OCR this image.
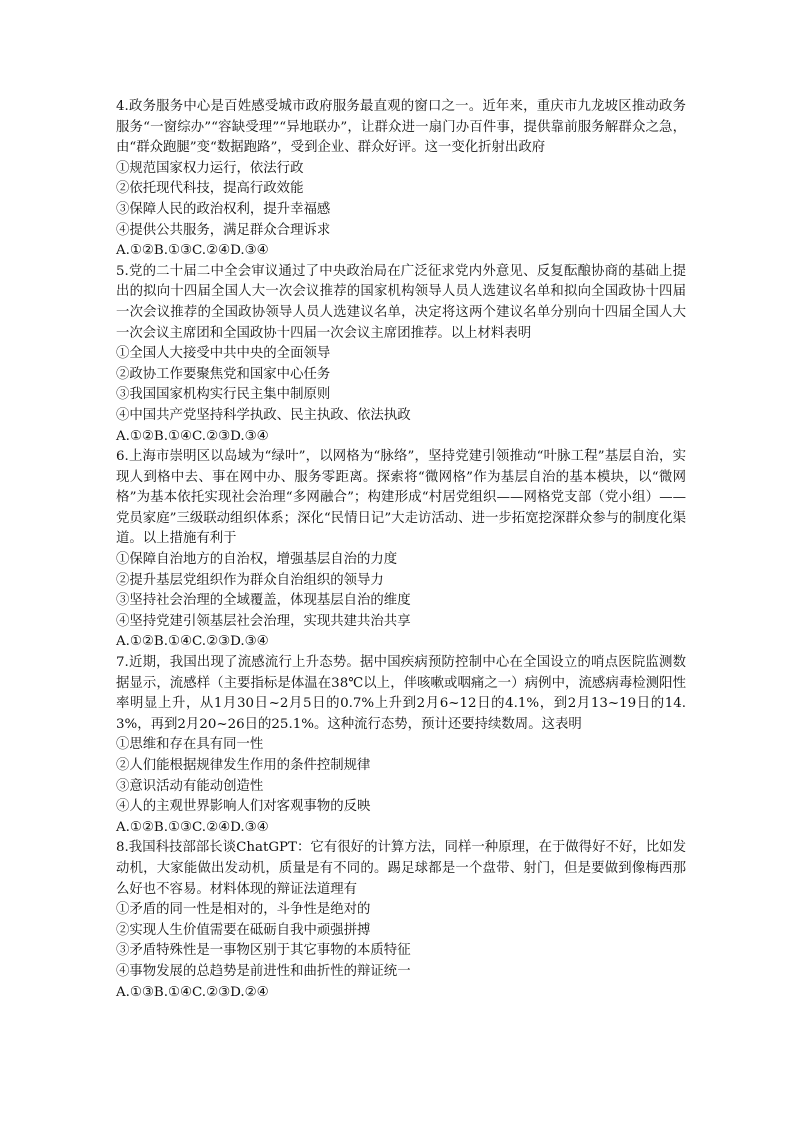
4.政务服务中心是百姓感受城市政府服务最直观的窗口之一。近年来，重庆市九龙坡区推动政务服务“一窗综办”“容缺受理”“异地联办”，让群众进一扇门办百件事，提供靠前服务解群众之急，由“群众跑腿”变“数据跑路”，受到企业、群众好评。这一变化折射出政府

①规范国家权力运行，依法行政

②依托现代科技，提高行政效能

③保障人民的政治权利，提升幸福感

④提供公共服务，满足群众合理诉求

A.①②B.①③C.②④D.③④

5.党的二十届二中全会审议通过了中央政治局在广泛征求党内外意见、反复酝酿协商的基础上提出的拟向十四届全国人大一次会议推荐的国家机构领导人员人选建议名单和拟向全国政协十四届一次会议推荐的全国政协领导人员人选建议名单，决定将这两个建议名单分别向十四届全国人大一次会议主席团和全国政协十四届一次会议主席团推荐。以上材料表明

①全国人大接受中共中央的全面领导

②政协工作要聚焦党和国家中心任务

③我国国家机构实行民主集中制原则

④中国共产党坚持科学执政、民主执政、依法执政

A.①②B.①④C.②③D.③④

6.上海市崇明区以岛域为“绿叶”，以网格为“脉络”，坚持党建引领推动“叶脉工程”基层自治，实现人到格中去、事在网中办、服务零距离。探索将“微网格”作为基层自治的基本模块，以“微网格”为基本依托实现社会治理“多网融合”；构建形成“村居党组织——网格党支部（党小组）——党员家庭”三级联动组织体系；深化“民情日记”大走访活动、进一步拓宽挖深群众参与的制度化渠道。以上措施有利于

①保障自治地方的自治权，增强基层自治的力度

②提升基层党组织作为群众自治组织的领导力

③坚持社会治理的全域覆盖，体现基层自治的维度

④坚持党建引领基层社会治理，实现共建共治共享

A.①②B.①④C.②③D.③④

7.近期，我国出现了流感流行上升态势。据中国疾病预防控制中心在全国设立的哨点医院监测数据显示，流感样（主要指标是体温在38℃以上，伴咳嗽或咽痛之一）病例中，流感病毒检测阳性率明显上升，从1月30日~2月5日的0.7%上升到2月6~12日的4.1%，到2月13~19日的14.3%，再到2月20~26日的25.1%。这种流行态势，预计还要持续数周。这表明

①思维和存在具有同一性

②人们能根据规律发生作用的条件控制规律

③意识活动有能动创造性

④人的主观世界影响人们对客观事物的反映

A.①②B.①③C.②④D.③④

8.我国科技部部长谈ChatGPT：它有很好的计算方法，同样一种原理，在于做得好不好，比如发动机，大家能做出发动机，质量是有不同的。踢足球都是一个盘带、射门，但是要做到像梅西那么好也不容易。材料体现的辩证法道理有

①矛盾的同一性是相对的，斗争性是绝对的

②实现人生价值需要在砥砺自我中顽强拼搏

③矛盾特殊性是一事物区别于其它事物的本质特征

④事物发展的总趋势是前进性和曲折性的辩证统一

A.①③B.①④C.②③D.②④
